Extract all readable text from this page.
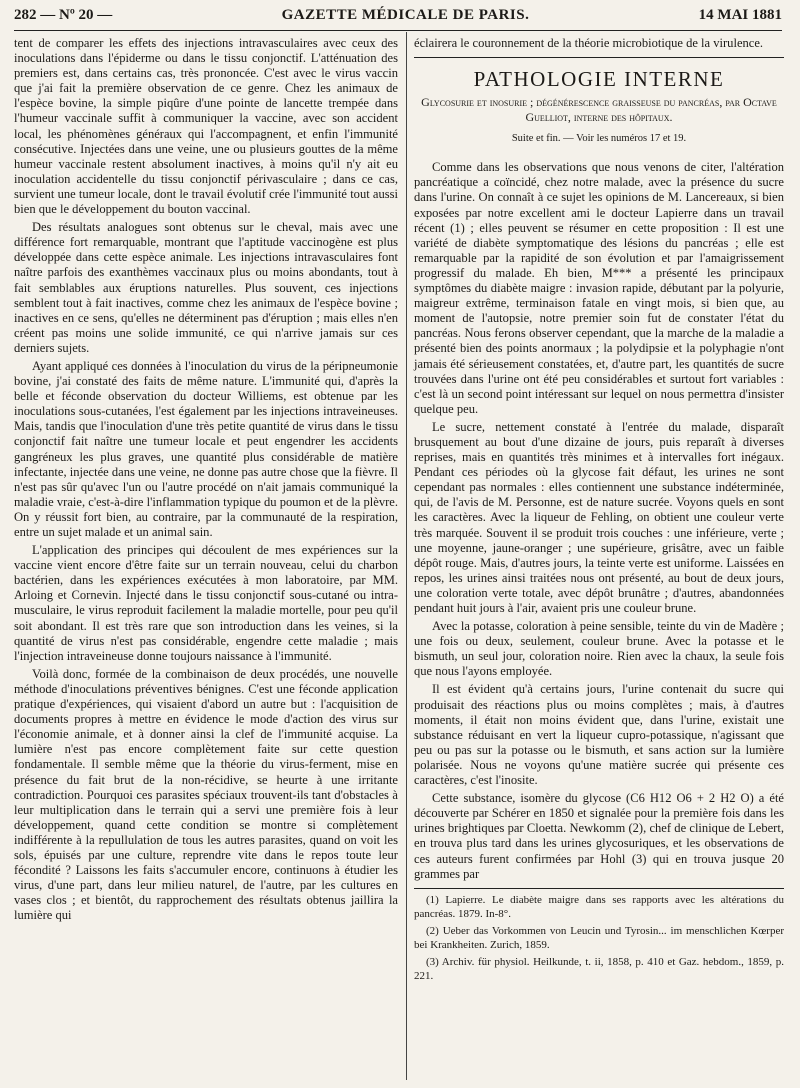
282 — Nº 20 —	GAZETTE MÉDICALE DE PARIS.	14 MAI 1881

tent de comparer les effets des injections intravasculaires avec ceux des inoculations dans l'épiderme ou dans le tissu conjonctif. L'atténuation des premiers est, dans certains cas, très prononcée. C'est avec le virus vaccin que j'ai fait la première observation de ce genre. Chez les animaux de l'espèce bovine, la simple piqûre d'une pointe de lancette trempée dans l'humeur vaccinale suffit à communiquer la vaccine, avec son accident local, les phénomènes généraux qui l'accompagnent, et enfin l'immunité consécutive. Injectées dans une veine, une ou plusieurs gouttes de la même humeur vaccinale restent absolument inactives, à moins qu'il n'y ait eu inoculation accidentelle du tissu conjonctif périvasculaire ; dans ce cas, survient une tumeur locale, dont le travail évolutif crée l'immunité tout aussi bien que le développement du bouton vaccinal.

Des résultats analogues sont obtenus sur le cheval, mais avec une différence fort remarquable, montrant que l'aptitude vaccinogène est plus développée dans cette espèce animale. Les injections intravasculaires font naître parfois des exanthèmes vaccinaux plus ou moins abondants, tout à fait semblables aux éruptions naturelles. Plus souvent, ces injections semblent tout à fait inactives, comme chez les animaux de l'espèce bovine ; inactives en ce sens, qu'elles ne déterminent pas d'éruption ; mais elles n'en créent pas moins une solide immunité, ce qui n'arrive jamais sur ces derniers sujets.

Ayant appliqué ces données à l'inoculation du virus de la péripneumonie bovine, j'ai constaté des faits de même nature. L'immunité qui, d'après la belle et féconde observation du docteur Williems, est obtenue par les inoculations sous-cutanées, l'est également par les injections intraveineuses. Mais, tandis que l'inoculation d'une très petite quantité de virus dans le tissu conjonctif fait naître une tumeur locale et peut engendrer les accidents gangréneux les plus graves, une quantité plus considérable de matière infectante, injectée dans une veine, ne donne pas autre chose que la fièvre. Il n'est pas sûr qu'avec l'un ou l'autre procédé on n'ait jamais communiqué la maladie vraie, c'est-à-dire l'inflammation typique du poumon et de la plèvre. On y réussit fort bien, au contraire, par la communauté de la respiration, entre un sujet malade et un animal sain.

L'application des principes qui découlent de mes expériences sur la vaccine vient encore d'être faite sur un terrain nouveau, celui du charbon bactérien, dans les expériences exécutées à mon laboratoire, par MM. Arloing et Cornevin. Injecté dans le tissu conjonctif sous-cutané ou intra-musculaire, le virus reproduit facilement la maladie mortelle, pour peu qu'il soit abondant. Il est très rare que son introduction dans les veines, si la quantité de virus n'est pas considérable, engendre cette maladie ; mais l'injection intraveineuse donne toujours naissance à l'immunité.

Voilà donc, formée de la combinaison de deux procédés, une nouvelle méthode d'inoculations préventives bénignes. C'est une féconde application pratique d'expériences, qui visaient d'abord un autre but : l'acquisition de documents propres à mettre en évidence le mode d'action des virus sur l'économie animale, et à donner ainsi la clef de l'immunité acquise. La lumière n'est pas encore complètement faite sur cette question fondamentale. Il semble même que la théorie du virus-ferment, mise en présence du fait brut de la non-récidive, se heurte à une irritante contradiction. Pourquoi ces parasites spéciaux trouvent-ils tant d'obstacles à leur multiplication dans le terrain qui a servi une première fois à leur développement, quand cette condition se montre si complètement indifférente à la repullulation de tous les autres parasites, quand on voit les sols, épuisés par une culture, reprendre vite dans le repos toute leur fécondité ? Laissons les faits s'accumuler encore, continuons à étudier les virus, d'une part, dans leur milieu naturel, de l'autre, par les cultures en vases clos ; et bientôt, du rapprochement des résultats obtenus jaillira la lumière qui

éclairera le couronnement de la théorie microbiotique de la virulence.

PATHOLOGIE INTERNE
Glycosurie et inosurie ; dégénérescence graisseuse du pancréas, par Octave Guelliot, interne des hôpitaux.
Suite et fin. — Voir les numéros 17 et 19.

Comme dans les observations que nous venons de citer, l'altération pancréatique a coïncidé, chez notre malade, avec la présence du sucre dans l'urine. On connaît à ce sujet les opinions de M. Lancereaux, si bien exposées par notre excellent ami le docteur Lapierre dans un travail récent (1) ; elles peuvent se résumer en cette proposition : Il est une variété de diabète symptomatique des lésions du pancréas ; elle est remarquable par la rapidité de son évolution et par l'amaigrissement progressif du malade. Eh bien, M*** a présenté les principaux symptômes du diabète maigre : invasion rapide, débutant par la polyurie, maigreur extrême, terminaison fatale en vingt mois, si bien que, au moment de l'autopsie, notre premier soin fut de constater l'état du pancréas. Nous ferons observer cependant, que la marche de la maladie a présenté bien des points anormaux ; la polydipsie et la polyphagie n'ont jamais été sérieusement constatées, et, d'autre part, les quantités de sucre trouvées dans l'urine ont été peu considérables et surtout fort variables : c'est là un second point intéressant sur lequel on nous permettra d'insister quelque peu.

Le sucre, nettement constaté à l'entrée du malade, disparaît brusquement au bout d'une dizaine de jours, puis reparaît à diverses reprises, mais en quantités très minimes et à intervalles fort inégaux. Pendant ces périodes où la glycose fait défaut, les urines ne sont cependant pas normales : elles contiennent une substance indéterminée, qui, de l'avis de M. Personne, est de nature sucrée. Voyons quels en sont les caractères. Avec la liqueur de Fehling, on obtient une couleur verte très marquée. Souvent il se produit trois couches : une inférieure, verte ; une moyenne, jaune-oranger ; une supérieure, grisâtre, avec un faible dépôt rouge. Mais, d'autres jours, la teinte verte est uniforme. Laissées en repos, les urines ainsi traitées nous ont présenté, au bout de deux jours, une coloration verte totale, avec dépôt brunâtre ; d'autres, abandonnées pendant huit jours à l'air, avaient pris une couleur brune.

Avec la potasse, coloration à peine sensible, teinte du vin de Madère ; une fois ou deux, seulement, couleur brune. Avec la potasse et le bismuth, un seul jour, coloration noire. Rien avec la chaux, la seule fois que nous l'ayons employée.

Il est évident qu'à certains jours, l'urine contenait du sucre qui produisait des réactions plus ou moins complètes ; mais, à d'autres moments, il était non moins évident que, dans l'urine, existait une substance réduisant en vert la liqueur cupro-potassique, n'agissant que peu ou pas sur la potasse ou le bismuth, et sans action sur la lumière polarisée. Nous ne voyons qu'une matière sucrée qui présente ces caractères, c'est l'inosite.

Cette substance, isomère du glycose (C6 H12 O6 + 2 H2 O) a été découverte par Schérer en 1850 et signalée pour la première fois dans les urines brightiques par Cloetta. Newkomm (2), chef de clinique de Lebert, en trouva plus tard dans les urines glycosuriques, et les observations de ces auteurs furent confirmées par Hohl (3) qui en trouva jusque 20 grammes par

(1) Lapierre. Le diabète maigre dans ses rapports avec les altérations du pancréas. 1879. In-8°.

(2) Ueber das Vorkommen von Leucin und Tyrosin... im menschlichen Kœrper bei Krankheiten. Zurich, 1859.

(3) Archiv. für physiol. Heilkunde, t. ii, 1858, p. 410 et Gaz. hebdom., 1859, p. 221.
